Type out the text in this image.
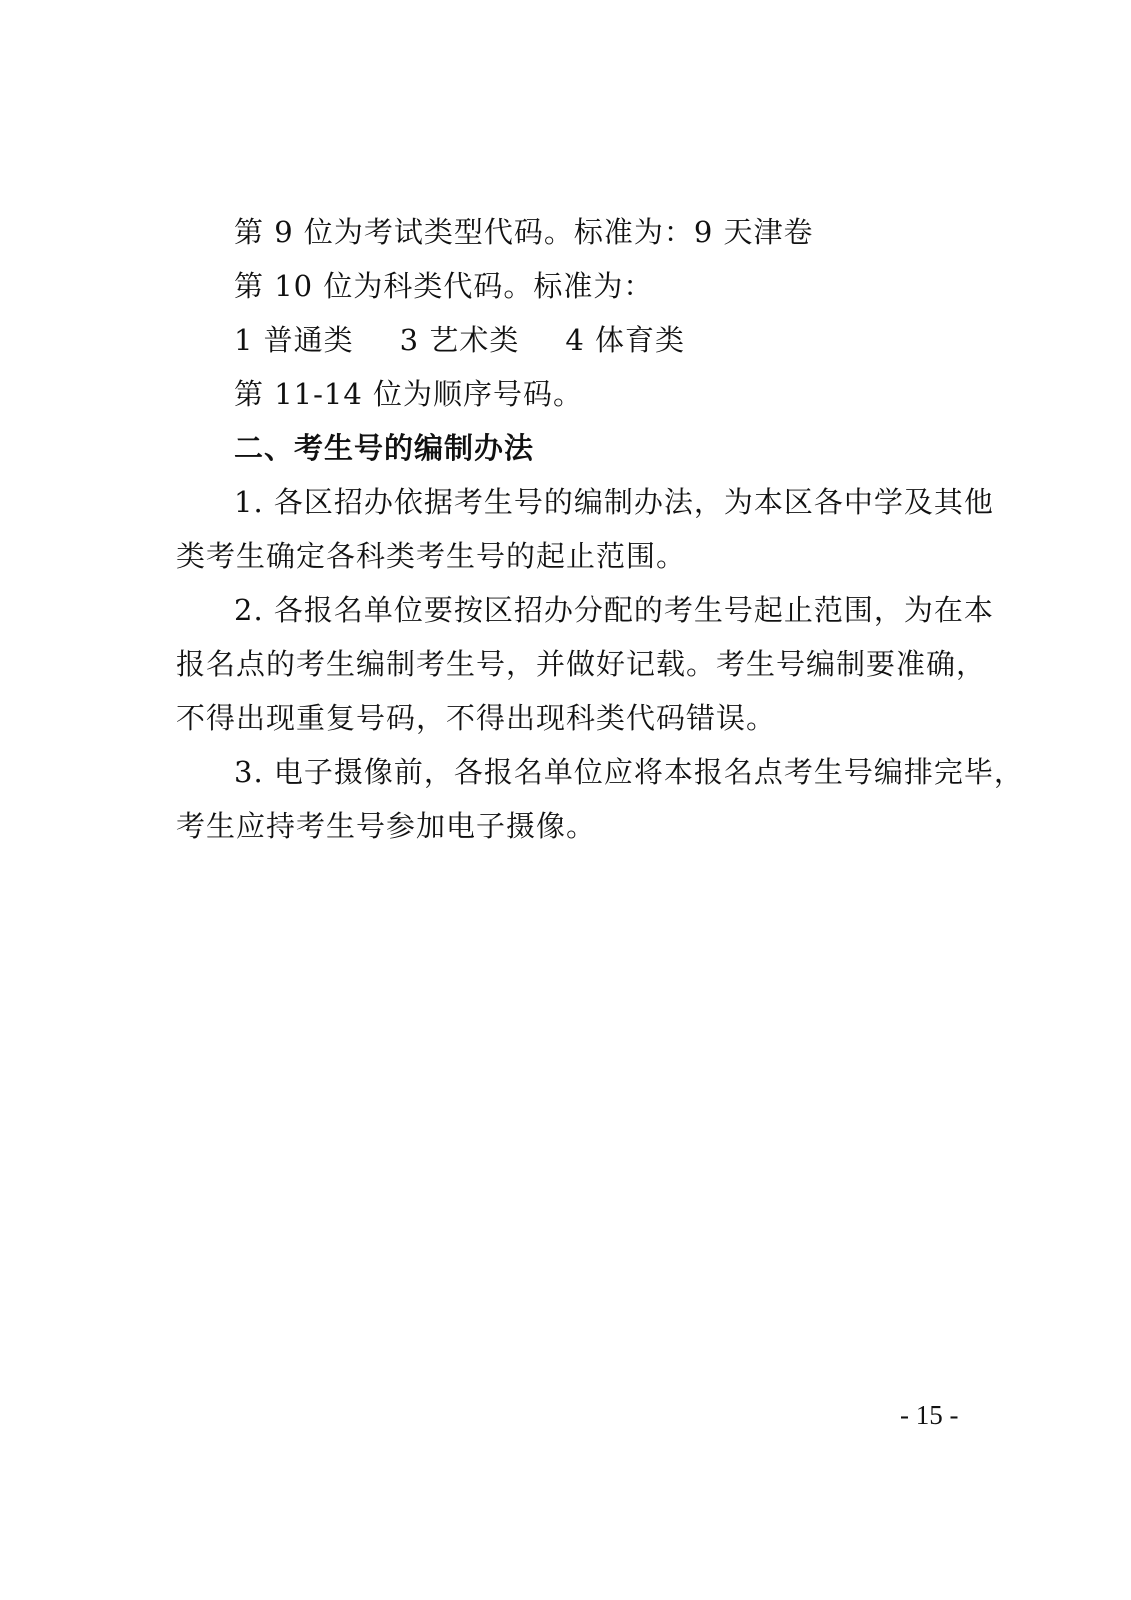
第 9 位为考试类型代码。标准为：9 天津卷
第 10 位为科类代码。标准为：
1 普通类 3 艺术类 4 体育类
第 11-14 位为顺序号码。
二、考生号的编制办法
1. 各区招办依据考生号的编制办法，为本区各中学及其他
类考生确定各科类考生号的起止范围。
2. 各报名单位要按区招办分配的考生号起止范围，为在本
报名点的考生编制考生号，并做好记载。考生号编制要准确，
不得出现重复号码，不得出现科类代码错误。
3. 电子摄像前，各报名单位应将本报名点考生号编排完毕，
考生应持考生号参加电子摄像。
- 15 -
